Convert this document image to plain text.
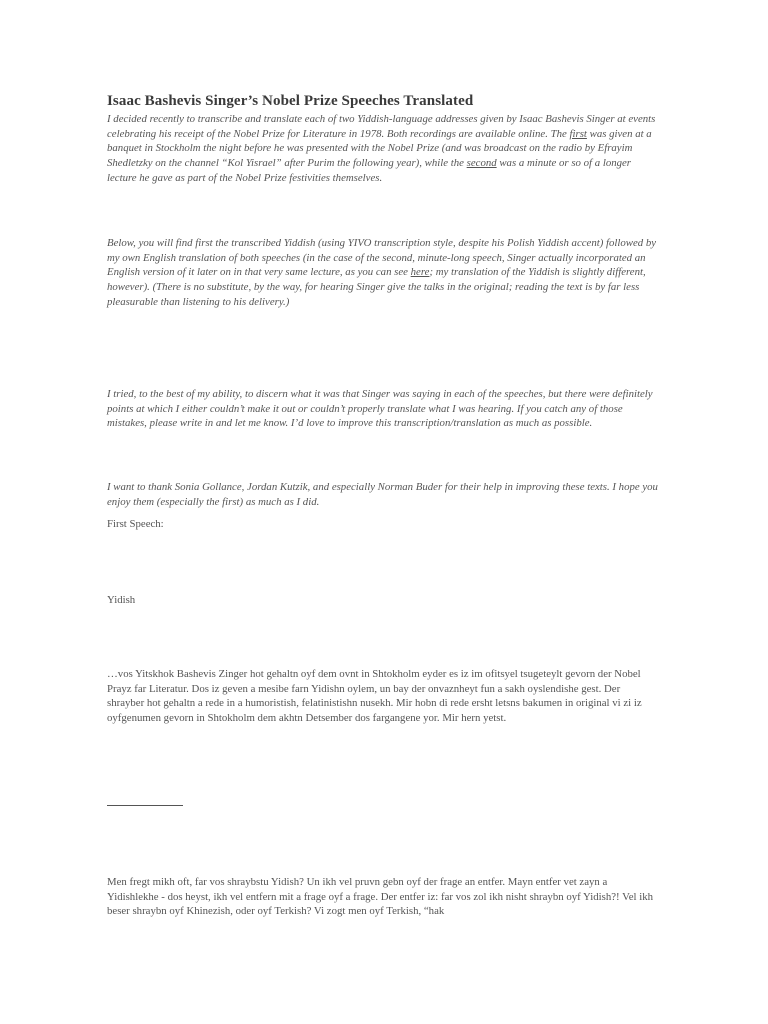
Isaac Bashevis Singer’s Nobel Prize Speeches Translated
I decided recently to transcribe and translate each of two Yiddish-language addresses given by Isaac Bashevis Singer at events celebrating his receipt of the Nobel Prize for Literature in 1978. Both recordings are available online. The first was given at a banquet in Stockholm the night before he was presented with the Nobel Prize (and was broadcast on the radio by Efrayim Shedletzky on the channel “Kol Yisrael” after Purim the following year), while the second was a minute or so of a longer lecture he gave as part of the Nobel Prize festivities themselves.
Below, you will find first the transcribed Yiddish (using YIVO transcription style, despite his Polish Yiddish accent) followed by my own English translation of both speeches (in the case of the second, minute-long speech, Singer actually incorporated an English version of it later on in that very same lecture, as you can see here; my translation of the Yiddish is slightly different, however). (There is no substitute, by the way, for hearing Singer give the talks in the original; reading the text is by far less pleasurable than listening to his delivery.)
I tried, to the best of my ability, to discern what it was that Singer was saying in each of the speeches, but there were definitely points at which I either couldn’t make it out or couldn’t properly translate what I was hearing. If you catch any of those mistakes, please write in and let me know. I’d love to improve this transcription/translation as much as possible.
I want to thank Sonia Gollance, Jordan Kutzik, and especially Norman Buder for their help in improving these texts. I hope you enjoy them (especially the first) as much as I did.
First Speech:
Yidish
…vos Yitskhok Bashevis Zinger hot gehaltn oyf dem ovnt in Shtokholm eyder es iz im ofitsyel tsugeteylt gevorn der Nobel Prayz far Literatur. Dos iz geven a mesibe farn Yidishn oylem, un bay der onvaznheyt fun a sakh oyslendishe gest. Der shrayber hot gehaltn a rede in a humoristish, felatinistishn nusekh. Mir hobn di rede ersht letsns bakumen in original vi zi iz oyfgenumen gevorn in Shtokholm dem akhtn Detsember dos fargangene yor. Mir hern yetst.
Men fregt mikh oft, far vos shraybstu Yidish? Un ikh vel pruvn gebn oyf der frage an entfer. Mayn entfer vet zayn a Yidishlekhe - dos heyst, ikh vel entfern mit a frage oyf a frage. Der entfer iz: far vos zol ikh nisht shraybn oyf Yidish?! Vel ikh beser shraybn oyf Khinezish, oder oyf Terkish? Vi zogt men oyf Terkish, “hak
